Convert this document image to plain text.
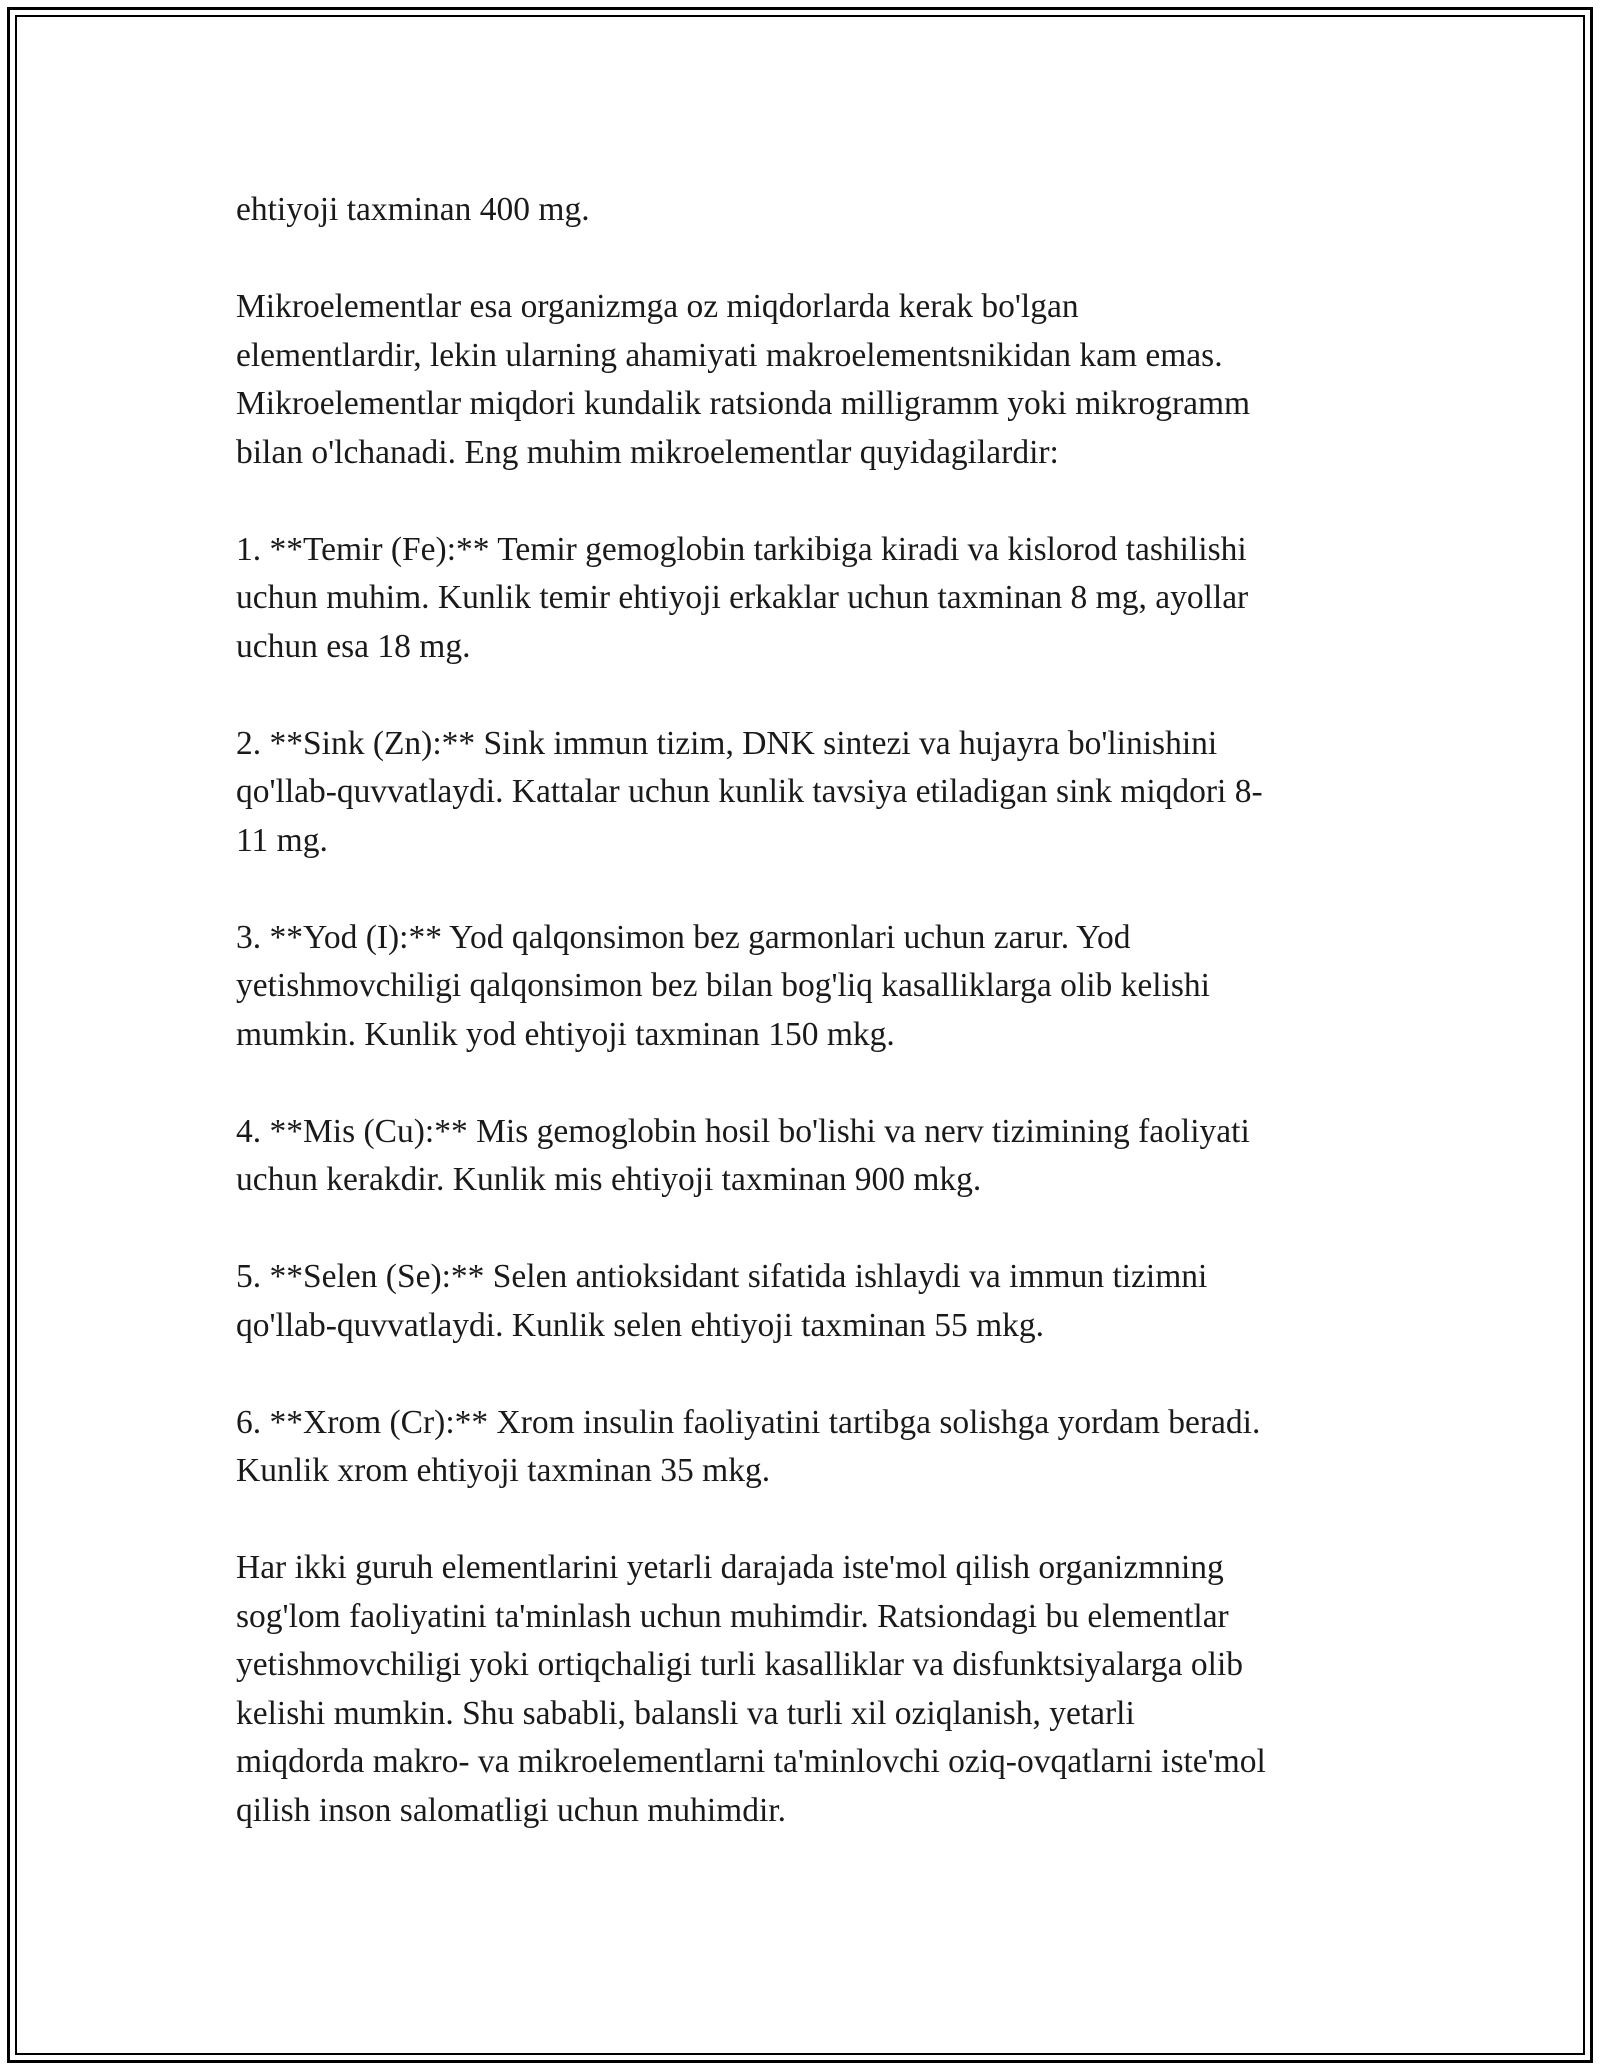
ehtiyoji taxminan 400 mg.

Mikroelementlar esa organizmga oz miqdorlarda kerak bo'lgan
elementlardir, lekin ularning ahamiyati makroelementsnikidan kam emas.
Mikroelementlar miqdori kundalik ratsionda milligramm yoki mikrogramm
bilan o'lchanadi. Eng muhim mikroelementlar quyidagilardir:

1. **Temir (Fe):** Temir gemoglobin tarkibiga kiradi va kislorod tashilishi
uchun muhim. Kunlik temir ehtiyoji erkaklar uchun taxminan 8 mg, ayollar
uchun esa 18 mg.

2. **Sink (Zn):** Sink immun tizim, DNK sintezi va hujayra bo'linishini
qo'llab-quvvatlaydi. Kattalar uchun kunlik tavsiya etiladigan sink miqdori 8-
11 mg.

3. **Yod (I):** Yod qalqonsimon bez garmonlari uchun zarur. Yod
yetishmovchiligi qalqonsimon bez bilan bog'liq kasalliklarga olib kelishi
mumkin. Kunlik yod ehtiyoji taxminan 150 mkg.

4. **Mis (Cu):** Mis gemoglobin hosil bo'lishi va nerv tizimining faoliyati
uchun kerakdir. Kunlik mis ehtiyoji taxminan 900 mkg.

5. **Selen (Se):** Selen antioksidant sifatida ishlaydi va immun tizimni
qo'llab-quvvatlaydi. Kunlik selen ehtiyoji taxminan 55 mkg.

6. **Xrom (Cr):** Xrom insulin faoliyatini tartibga solishga yordam beradi.
Kunlik xrom ehtiyoji taxminan 35 mkg.

Har ikki guruh elementlarini yetarli darajada iste'mol qilish organizmning
sog'lom faoliyatini ta'minlash uchun muhimdir. Ratsiondagi bu elementlar
yetishmovchiligi yoki ortiqchaligi turli kasalliklar va disfunktsiyalarga olib
kelishi mumkin. Shu sababli, balansli va turli xil oziqlanish, yetarli
miqdorda makro- va mikroelementlarni ta'minlovchi oziq-ovqatlarni iste'mol
qilish inson salomatligi uchun muhimdir.
